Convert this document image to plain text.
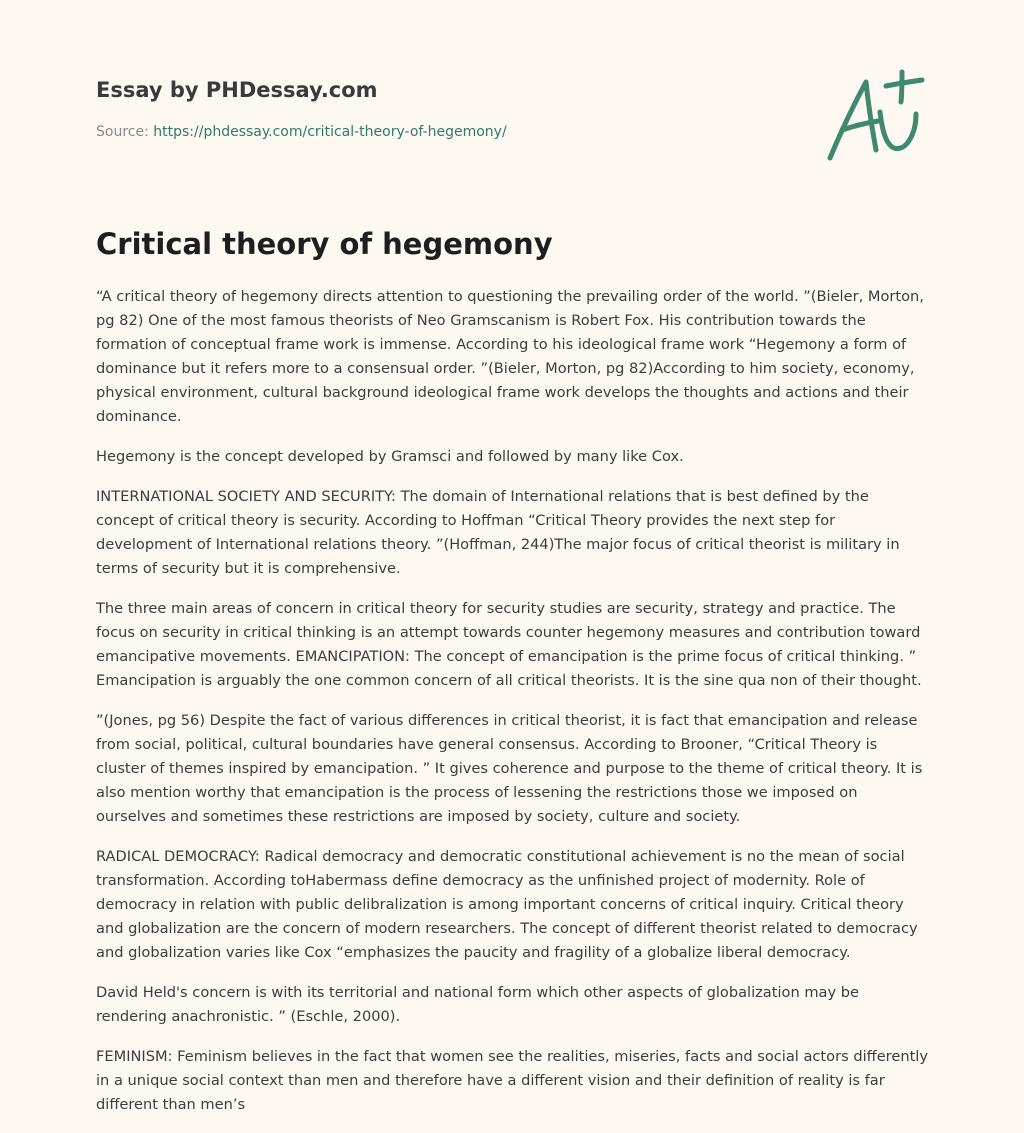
Essay by PHDessay.com
Source: https://phdessay.com/critical-theory-of-hegemony/
Critical theory of hegemony

“A critical theory of hegemony directs attention to questioning the prevailing order of the world. ”(Bieler, Morton, pg 82) One of the most famous theorists of Neo Gramscanism is Robert Fox. His contribution towards the formation of conceptual frame work is immense. According to his ideological frame work “Hegemony a form of dominance but it refers more to a consensual order. ”(Bieler, Morton, pg 82)According to him society, economy, physical environment, cultural background ideological frame work develops the thoughts and actions and their dominance.

Hegemony is the concept developed by Gramsci and followed by many like Cox.

INTERNATIONAL SOCIETY AND SECURITY: The domain of International relations that is best defined by the concept of critical theory is security. According to Hoffman “Critical Theory provides the next step for development of International relations theory. ”(Hoffman, 244)The major focus of critical theorist is military in terms of security but it is comprehensive.

The three main areas of concern in critical theory for security studies are security, strategy and practice. The focus on security in critical thinking is an attempt towards counter hegemony measures and contribution toward emancipative movements. EMANCIPATION: The concept of emancipation is the prime focus of critical thinking. ” Emancipation is arguably the one common concern of all critical theorists. It is the sine qua non of their thought.

”(Jones, pg 56) Despite the fact of various differences in critical theorist, it is fact that emancipation and release from social, political, cultural boundaries have general consensus. According to Brooner, “Critical Theory is cluster of themes inspired by emancipation. ” It gives coherence and purpose to the theme of critical theory. It is also mention worthy that emancipation is the process of lessening the restrictions those we imposed on ourselves and sometimes these restrictions are imposed by society, culture and society.

RADICAL DEMOCRACY: Radical democracy and democratic constitutional achievement is no the mean of social transformation. According toHabermass define democracy as the unfinished project of modernity. Role of democracy in relation with public delibralization is among important concerns of critical inquiry. Critical theory and globalization are the concern of modern researchers. The concept of different theorist related to democracy and globalization varies like Cox “emphasizes the paucity and fragility of a globalize liberal democracy.

David Held's concern is with its territorial and national form which other aspects of globalization may be rendering anachronistic. ” (Eschle, 2000).

FEMINISM: Feminism believes in the fact that women see the realities, miseries, facts and social actors differently in a unique social context than men and therefore have a different vision and their definition of reality is far different than men’s
